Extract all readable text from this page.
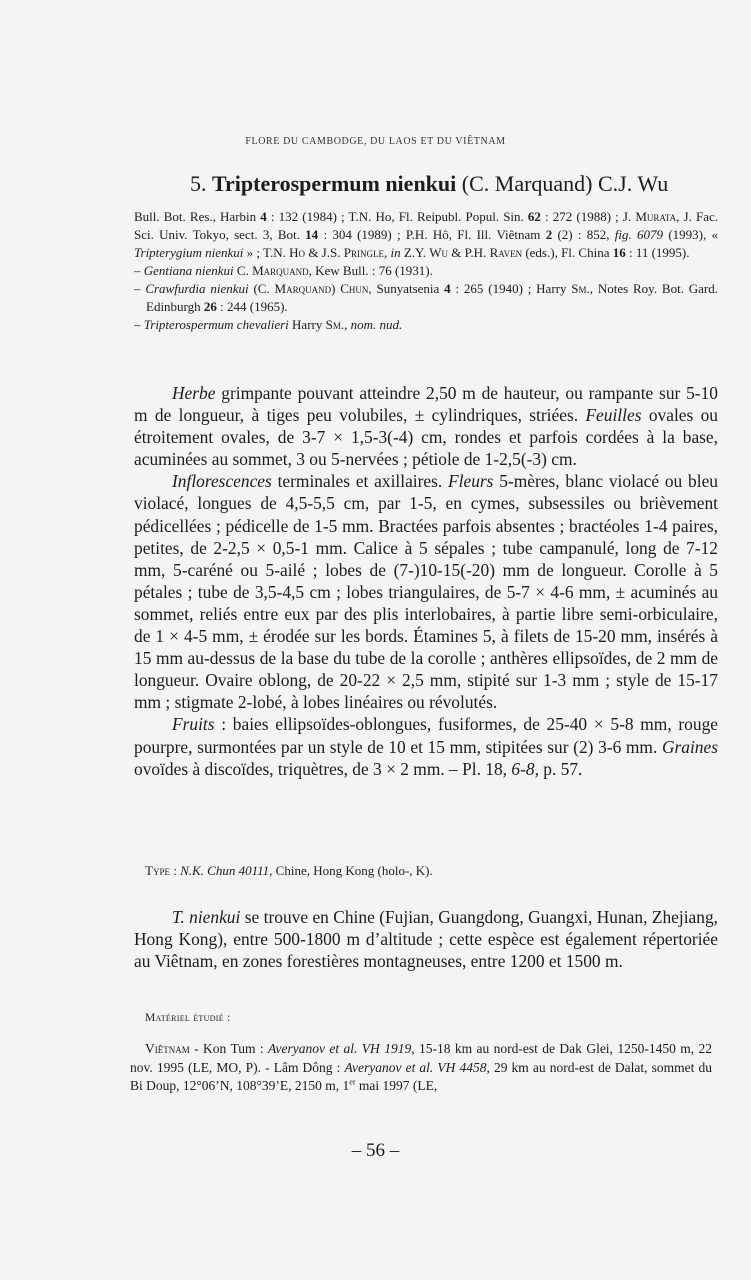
FLORE DU CAMBODGE, DU LAOS ET DU VIÊTNAM
5. Tripterospermum nienkui (C. Marquand) C.J. Wu

Bull. Bot. Res., Harbin 4 : 132 (1984) ; T.N. Ho, Fl. Reipubl. Popul. Sin. 62 : 272 (1988) ; J. Murata, J. Fac. Sci. Univ. Tokyo, sect. 3, Bot. 14 : 304 (1989) ; P.H. Hô, Fl. Ill. Viêtnam 2 (2) : 852, fig. 6079 (1993), « Tripterygium nienkui » ; T.N. Ho & J.S. Pringle, in Z.Y. Wu & P.H. Raven (eds.), Fl. China 16 : 11 (1995).

– Gentiana nienkui C. Marquand, Kew Bull. : 76 (1931).

– Crawfurdia nienkui (C. Marquand) Chun, Sunyatsenia 4 : 265 (1940) ; Harry Sm., Notes Roy. Bot. Gard. Edinburgh 26 : 244 (1965).

– Tripterospermum chevalieri Harry Sm., nom. nud.

Herbe grimpante pouvant atteindre 2,50 m de hauteur, ou rampante sur 5-10 m de longueur, à tiges peu volubiles, ± cylindriques, striées. Feuilles ovales ou étroitement ovales, de 3-7 × 1,5-3(-4) cm, rondes et parfois cordées à la base, acuminées au sommet, 3 ou 5-nervées ; pétiole de 1-2,5(-3) cm.

Inflorescences terminales et axillaires. Fleurs 5-mères, blanc violacé ou bleu violacé, longues de 4,5-5,5 cm, par 1-5, en cymes, subsessiles ou brièvement pédicellées ; pédicelle de 1-5 mm. Bractées parfois absentes ; bractéoles 1-4 paires, petites, de 2-2,5 × 0,5-1 mm. Calice à 5 sépales ; tube campanulé, long de 7-12 mm, 5-caréné ou 5-ailé ; lobes de (7-)10-15(-20) mm de longueur. Corolle à 5 pétales ; tube de 3,5-4,5 cm ; lobes triangulaires, de 5-7 × 4-6 mm, ± acuminés au sommet, reliés entre eux par des plis interlobaires, à partie libre semi-orbiculaire, de 1 × 4-5 mm, ± érodée sur les bords. Étamines 5, à filets de 15-20 mm, insérés à 15 mm au-dessus de la base du tube de la corolle ; anthères ellipsoïdes, de 2 mm de longueur. Ovaire oblong, de 20-22 × 2,5 mm, stipité sur 1-3 mm ; style de 15-17 mm ; stigmate 2-lobé, à lobes linéaires ou révolutés.

Fruits : baies ellipsoïdes-oblongues, fusiformes, de 25-40 × 5-8 mm, rouge pourpre, surmontées par un style de 10 et 15 mm, stipitées sur (2) 3-6 mm. Graines ovoïdes à discoïdes, triquètres, de 3 × 2 mm. – Pl. 18, 6-8, p. 57.

Type : N.K. Chun 40111, Chine, Hong Kong (holo-, K).

T. nienkui se trouve en Chine (Fujian, Guangdong, Guangxi, Hunan, Zhejiang, Hong Kong), entre 500-1800 m d’altitude ; cette espèce est également répertoriée au Viêtnam, en zones forestières montagneuses, entre 1200 et 1500 m.

Matériel étudié :

Viêtnam - Kon Tum : Averyanov et al. VH 1919, 15-18 km au nord-est de Dak Glei, 1250-1450 m, 22 nov. 1995 (LE, MO, P). - Lâm Dông : Averyanov et al. VH 4458, 29 km au nord-est de Dalat, sommet du Bi Doup, 12°06’N, 108°39’E, 2150 m, 1er mai 1997 (LE,

– 56 –
